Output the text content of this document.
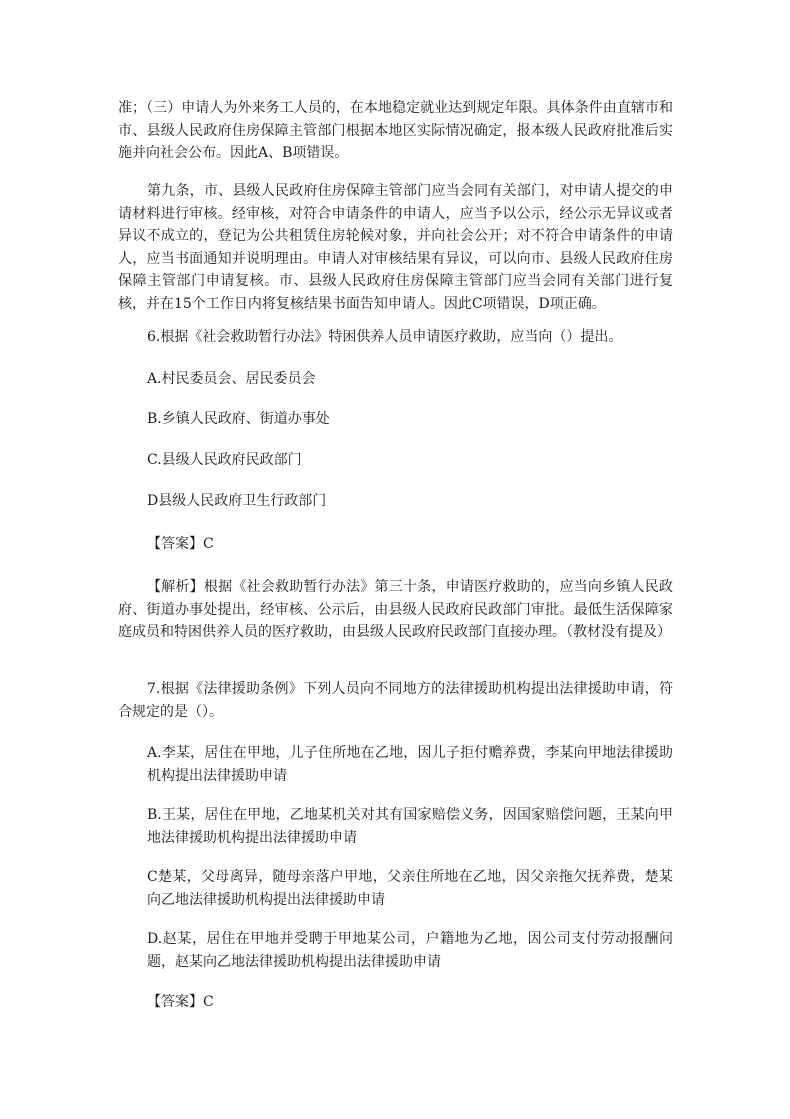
准；（三）申请人为外来务工人员的，在本地稳定就业达到规定年限。具体条件由直辖市和市、县级人民政府住房保障主管部门根据本地区实际情况确定，报本级人民政府批准后实施并向社会公布。因此A、B项错误。

第九条，市、县级人民政府住房保障主管部门应当会同有关部门，对申请人提交的申请材料进行审核。经审核，对符合申请条件的申请人，应当予以公示，经公示无异议或者异议不成立的，登记为公共租赁住房轮候对象，并向社会公开；对不符合申请条件的申请人，应当书面通知并说明理由。申请人对审核结果有异议，可以向市、县级人民政府住房保障主管部门申请复核。市、县级人民政府住房保障主管部门应当会同有关部门进行复核，并在15个工作日内将复核结果书面告知申请人。因此C项错误，D项正确。

6.根据《社会救助暂行办法》特困供养人员申请医疗救助，应当向（）提出。

A.村民委员会、居民委员会

B.乡镇人民政府、街道办事处

C.县级人民政府民政部门

D县级人民政府卫生行政部门

【答案】C

【解析】根据《社会救助暂行办法》第三十条，申请医疗救助的，应当向乡镇人民政府、街道办事处提出，经审核、公示后，由县级人民政府民政部门审批。最低生活保障家庭成员和特困供养人员的医疗救助，由县级人民政府民政部门直接办理。（教材没有提及）

7.根据《法律援助条例》下列人员向不同地方的法律援助机构提出法律援助申请，符合规定的是（）。

A.李某，居住在甲地，儿子住所地在乙地，因儿子拒付赡养费，李某向甲地法律援助机构提出法律援助申请

B.王某，居住在甲地，乙地某机关对其有国家赔偿义务，因国家赔偿问题，王某向甲地法律援助机构提出法律援助申请

C楚某，父母离异，随母亲落户甲地，父亲住所地在乙地，因父亲拖欠抚养费，楚某向乙地法律援助机构提出法律援助申请

D.赵某，居住在甲地并受聘于甲地某公司，户籍地为乙地，因公司支付劳动报酬问题，赵某向乙地法律援助机构提出法律援助申请

【答案】C
